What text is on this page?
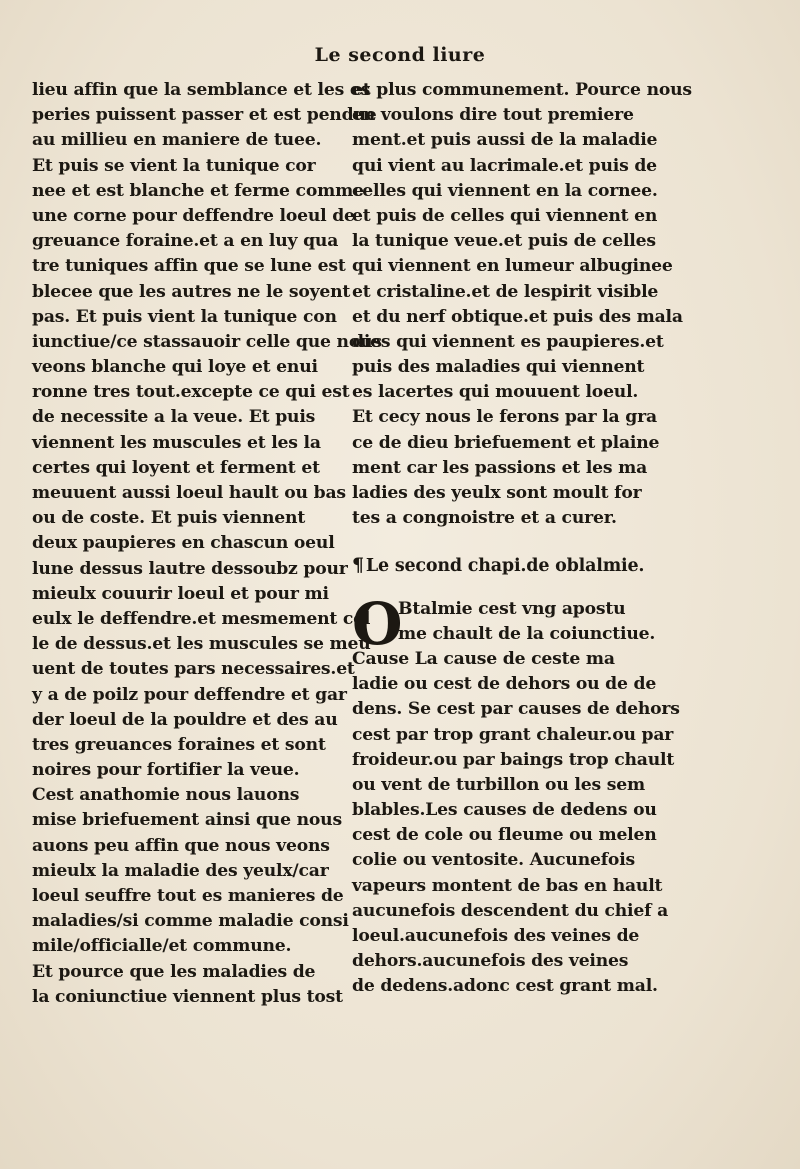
Le second liure
lieu affin que la semblance et les es
peries puissent passer et est pendue
au millieu en maniere de tuee.
Et puis se vient la tunique cor
nee et est blanche et ferme comme
une corne pour deffendre loeul de
greuance foraine.et a en luy qua
tre tuniques affin que se lune est
blecee que les autres ne le soyent
pas. Et puis vient la tunique con
iunctiue/ce stassauoir celle que nous
veons blanche qui loye et enui
ronne tres tout.excepte ce qui est
de necessite a la veue. Et puis
viennent les muscules et les la
certes qui loyent et ferment et
meuuent aussi loeul hault ou bas
ou de coste. Et puis viennent
deux paupieres en chascun oeul
lune dessus lautre dessoubz pour
mieulx couurir loeul et pour mi
eulx le deffendre.et mesmement cel
le de dessus.et les muscules se meu
uent de toutes pars necessaires.et
y a de poilz pour deffendre et gar
der loeul de la pouldre et des au
tres greuances foraines et sont
noires pour fortifier la veue.
Cest anathomie nous lauons
mise briefuement ainsi que nous
auons peu affin que nous veons
mieulx la maladie des yeulx/car
loeul seuffre tout es manieres de
maladies/si comme maladie consi
mile/officialle/et commune.
Et pource que les maladies de
la coniunctiue viennent plus tost
et plus communement. Pource nous
en voulons dire tout premiere
ment.et puis aussi de la maladie
qui vient au lacrimale.et puis de
celles qui viennent en la cornee.
et puis de celles qui viennent en
la tunique veue.et puis de celles
qui viennent en lumeur albuginee
et cristaline.et de lespirit visible
et du nerf obtique.et puis des mala
dies qui viennent es paupieres.et
puis des maladies qui viennent
es lacertes qui mouuent loeul.
Et cecy nous le ferons par la gra
ce de dieu briefuement et plaine
ment car les passions et les ma
ladies des yeulx sont moult for
tes a congnoistre et a curer.
¶ Le second chapi.de oblalmie.
O
Btalmie cest vng apostu
me chault de la coiunctiue.
Cause La cause de ceste ma
ladie ou cest de dehors ou de de
dens. Se cest par causes de dehors
cest par trop grant chaleur.ou par
froideur.ou par baings trop chault
ou vent de turbillon ou les sem
blables.Les causes de dedens ou
cest de cole ou fleume ou melen
colie ou ventosite. Aucunefois
vapeurs montent de bas en hault
aucunefois descendent du chief a
loeul.aucunefois des veines de
dehors.aucunefois des veines
de dedens.adonc cest grant mal.
